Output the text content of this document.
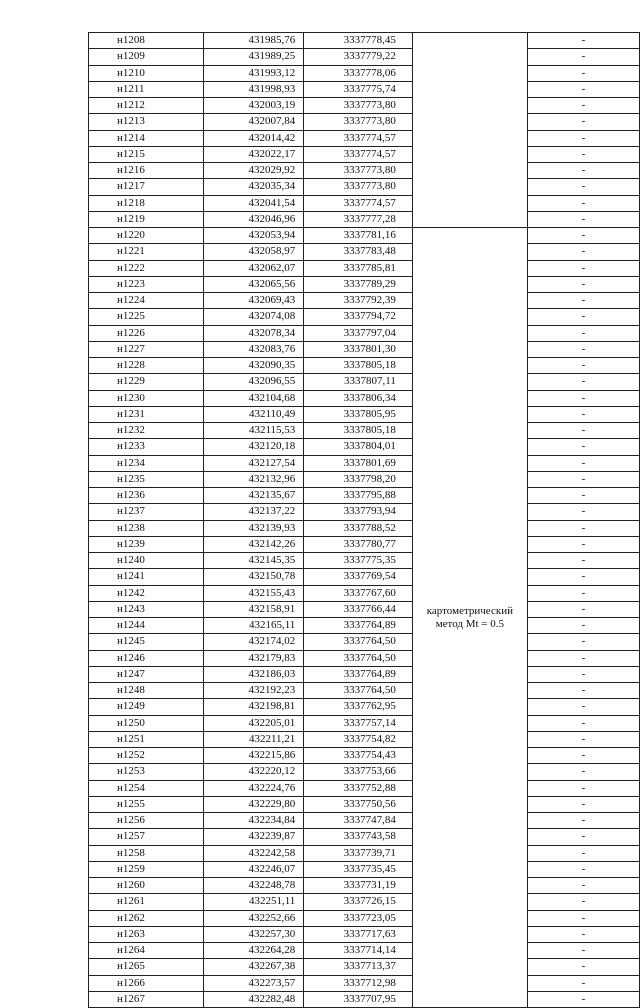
н1208	431985,76	3337778,45		-
н1209	431989,25	3337779,22		-
н1210	431993,12	3337778,06		-
н1211	431998,93	3337775,74		-
н1212	432003,19	3337773,80		-
н1213	432007,84	3337773,80		-
н1214	432014,42	3337774,57		-
н1215	432022,17	3337774,57		-
н1216	432029,92	3337773,80		-
н1217	432035,34	3337773,80		-
н1218	432041,54	3337774,57		-
н1219	432046,96	3337777,28		-
н1220	432053,94	3337781,16	картометрический
метод Mt = 0.5	-
н1221	432058,97	3337783,48		-
н1222	432062,07	3337785,81		-
н1223	432065,56	3337789,29		-
н1224	432069,43	3337792,39		-
н1225	432074,08	3337794,72		-
н1226	432078,34	3337797,04		-
н1227	432083,76	3337801,30		-
н1228	432090,35	3337805,18		-
н1229	432096,55	3337807,11		-
н1230	432104,68	3337806,34		-
н1231	432110,49	3337805,95		-
н1232	432115,53	3337805,18		-
н1233	432120,18	3337804,01		-
н1234	432127,54	3337801,69		-
н1235	432132,96	3337798,20		-
н1236	432135,67	3337795,88		-
н1237	432137,22	3337793,94		-
н1238	432139,93	3337788,52		-
н1239	432142,26	3337780,77		-
н1240	432145,35	3337775,35		-
н1241	432150,78	3337769,54		-
н1242	432155,43	3337767,60		-
н1243	432158,91	3337766,44		-
н1244	432165,11	3337764,89		-
н1245	432174,02	3337764,50		-
н1246	432179,83	3337764,50		-
н1247	432186,03	3337764,89		-
н1248	432192,23	3337764,50		-
н1249	432198,81	3337762,95		-
н1250	432205,01	3337757,14		-
н1251	432211,21	3337754,82		-
н1252	432215,86	3337754,43		-
н1253	432220,12	3337753,66		-
н1254	432224,76	3337752,88		-
н1255	432229,80	3337750,56		-
н1256	432234,84	3337747,84		-
н1257	432239,87	3337743,58		-
н1258	432242,58	3337739,71		-
н1259	432246,07	3337735,45		-
н1260	432248,78	3337731,19		-
н1261	432251,11	3337726,15		-
н1262	432252,66	3337723,05		-
н1263	432257,30	3337717,63		-
н1264	432264,28	3337714,14		-
н1265	432267,38	3337713,37		-
н1266	432273,57	3337712,98		-
н1267	432282,48	3337707,95		-
